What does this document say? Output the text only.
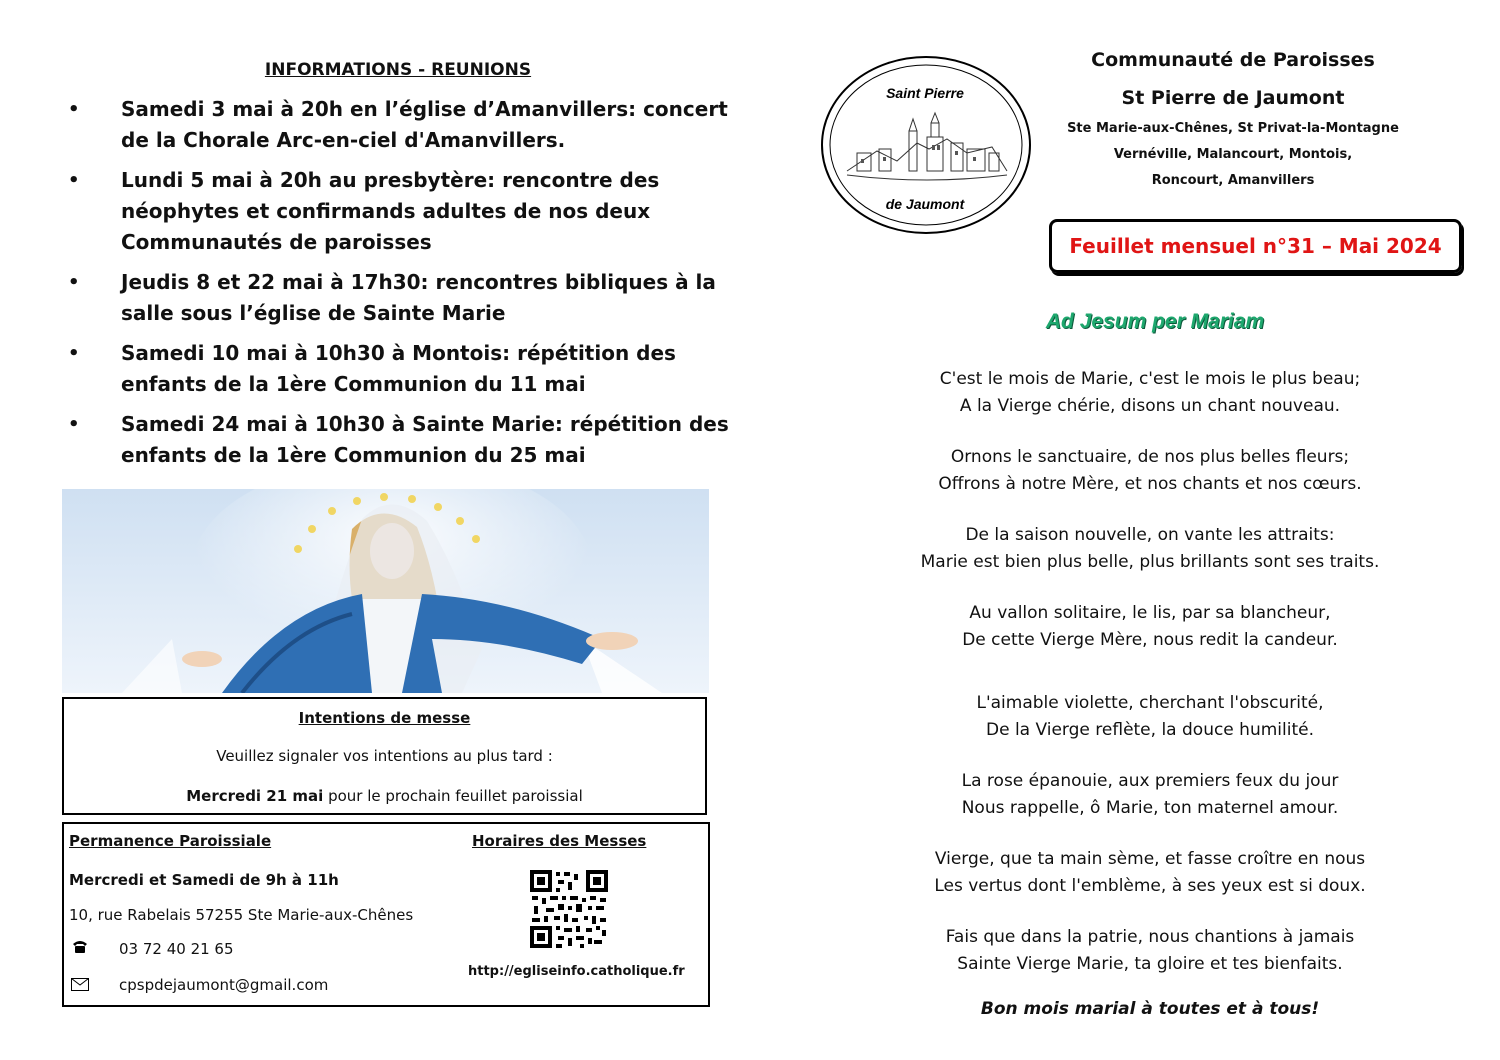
INFORMATIONS - REUNIONS
• Samedi 3 mai à 20h en l’église d’Amanvillers: concert de la Chorale Arc-en-ciel d'Amanvillers.
• Lundi 5 mai à 20h au presbytère: rencontre des néophytes et confirmands adultes de nos deux Communautés de paroisses
• Jeudis 8 et 22 mai à 17h30: rencontres bibliques à la salle sous l’église de Sainte Marie
• Samedi 10 mai à 10h30 à Montois: répétition des enfants de la 1ère Communion du 11 mai
• Samedi 24 mai à 10h30 à Sainte Marie: répétition des enfants de la 1ère Communion du 25 mai
Intentions de messe
Veuillez signaler vos intentions au plus tard :
Mercredi 21 mai pour le prochain feuillet paroissial
Permanence Paroissiale
Mercredi et Samedi de 9h à 11h
10, rue Rabelais 57255 Ste Marie-aux-Chênes
03 72 40 21 65
cpspdejaumont@gmail.com
Horaires des Messes
http://egliseinfo.catholique.fr
Saint Pierre
de Jaumont
Communauté de Paroisses
St Pierre de Jaumont
Ste Marie-aux-Chênes, St Privat-la-Montagne
Vernéville, Malancourt, Montois,
Roncourt, Amanvillers
Feuillet mensuel n°31 – Mai 2024
Ad Jesum per Mariam
C'est le mois de Marie, c'est le mois le plus beau;
A la Vierge chérie, disons un chant nouveau.
Ornons le sanctuaire, de nos plus belles fleurs;
Offrons à notre Mère, et nos chants et nos cœurs.
De la saison nouvelle, on vante les attraits:
Marie est bien plus belle, plus brillants sont ses traits.
Au vallon solitaire, le lis, par sa blancheur,
De cette Vierge Mère, nous redit la candeur.
L'aimable violette, cherchant l'obscurité,
De la Vierge reflète, la douce humilité.
La rose épanouie, aux premiers feux du jour
Nous rappelle, ô Marie, ton maternel amour.
Vierge, que ta main sème, et fasse croître en nous
Les vertus dont l'emblème, à ses yeux est si doux.
Fais que dans la patrie, nous chantions à jamais
Sainte Vierge Marie, ta gloire et tes bienfaits.
Bon mois marial à toutes et à tous!
